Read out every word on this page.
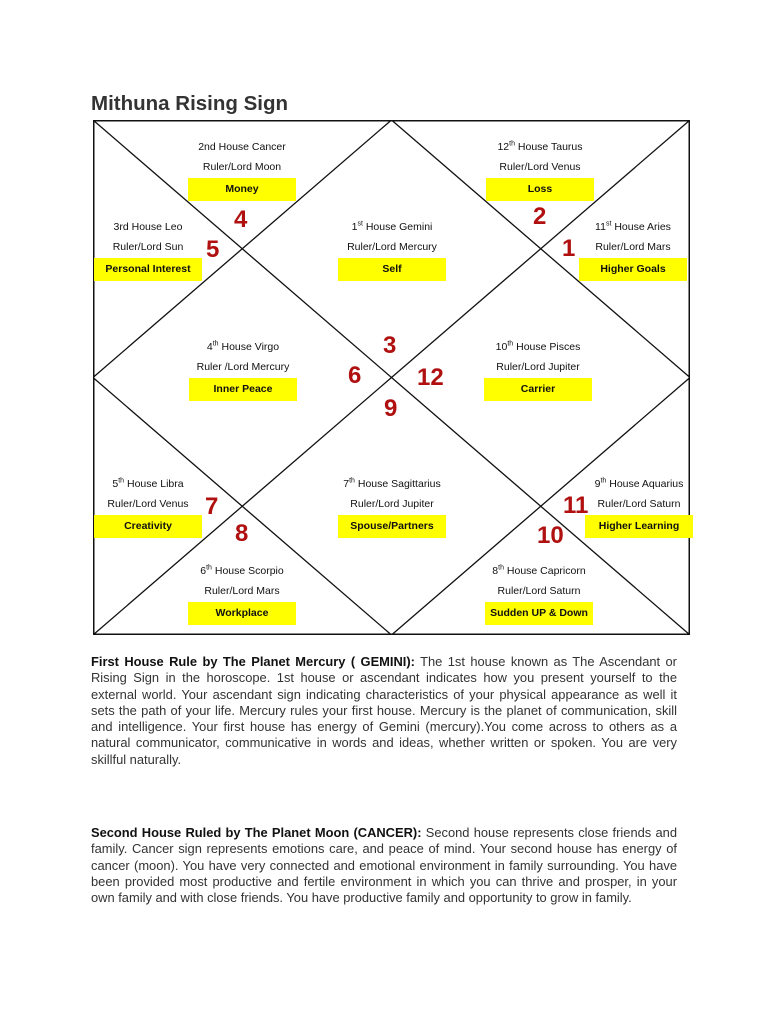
Mithuna Rising Sign
1st House Gemini
Ruler/Lord Mercury
Self
2nd House Cancer
Ruler/Lord Moon
Money
3rd House Leo
Ruler/Lord Sun
Personal Interest
4th House Virgo
Ruler /Lord Mercury
Inner Peace
5th House Libra
Ruler/Lord Venus
Creativity
6th House Scorpio
Ruler/Lord Mars
Workplace
7th House Sagittarius
Ruler/Lord Jupiter
Spouse/Partners
8th House Capricorn
Ruler/Lord Saturn
Sudden UP & Down
9th House Aquarius
Ruler/Lord Saturn
Higher Learning
10th House Pisces
Ruler/Lord Jupiter
Carrier
11st House Aries
Ruler/Lord Mars
Higher Goals
12th House Taurus
Ruler/Lord Venus
Loss
3
4
5
6
7
8
9
10
11
12
1
2

First House Rule by The Planet Mercury ( GEMINI): The 1st house known as The Ascendant or Rising Sign in the horoscope. 1st house or ascendant indicates how you present yourself to the external world. Your ascendant sign indicating characteristics of your physical appearance as well it sets the path of your life. Mercury rules your first house. Mercury is the planet of communication, skill and intelligence. Your first house has energy of Gemini (mercury).You come across to others as a natural communicator, communicative in words and ideas, whether written or spoken. You are very skillful naturally.

Second House Ruled by The Planet Moon (CANCER): Second house represents close friends and family. Cancer sign represents emotions care, and peace of mind. Your second house has energy of cancer (moon). You have very connected and emotional environment in family surrounding. You have been provided most productive and fertile environment in which you can thrive and prosper, in your own family and with close friends. You have productive family and opportunity to grow in family.
